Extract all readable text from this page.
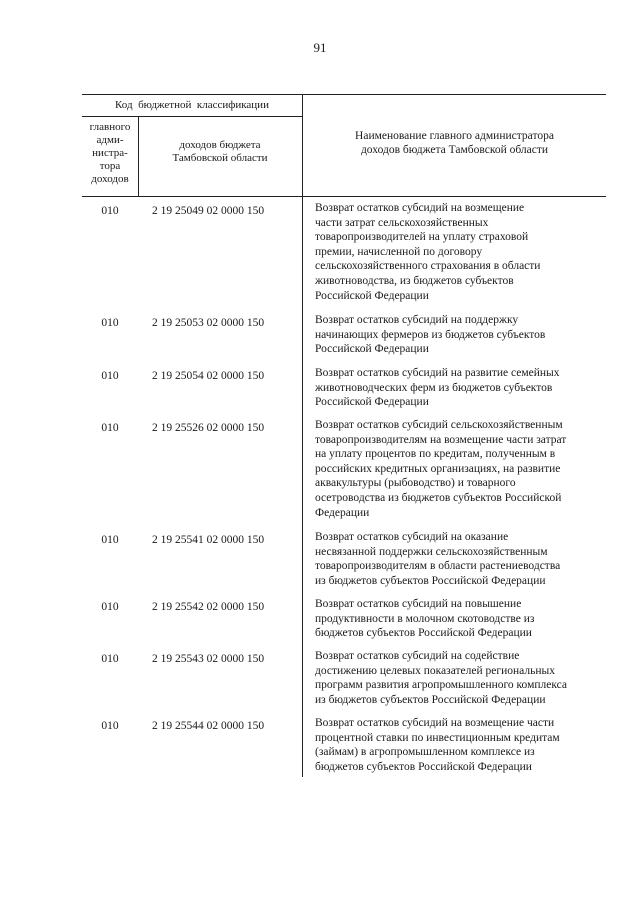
91
Код  бюджетной  классификации
главного
адми-
нистра-
тора
доходов
доходов бюджета
Тамбовской области
Наименование главного администратора
доходов бюджета Тамбовской области
010	2 19 25049 02 0000 150	Возврат остатков субсидий на возмещение
части затрат сельскохозяйственных
товаропроизводителей на уплату страховой
премии, начисленной по договору
сельскохозяйственного страхования в области
животноводства, из бюджетов субъектов
Российской Федерации
010	2 19 25053 02 0000 150	Возврат остатков субсидий на поддержку
начинающих фермеров из бюджетов субъектов
Российской Федерации
010	2 19 25054 02 0000 150	Возврат остатков субсидий на развитие семейных
животноводческих ферм из бюджетов субъектов
Российской Федерации
010	2 19 25526 02 0000 150	Возврат остатков субсидий сельскохозяйственным
товаропроизводителям на возмещение части затрат
на уплату процентов по кредитам, полученным в
российских кредитных организациях, на развитие
аквакультуры (рыбоводство) и товарного
осетроводства из бюджетов субъектов Российской
Федерации
010	2 19 25541 02 0000 150	Возврат остатков субсидий на оказание
несвязанной поддержки сельскохозяйственным
товаропроизводителям в области растениеводства
из бюджетов субъектов Российской Федерации
010	2 19 25542 02 0000 150	Возврат остатков субсидий на повышение
продуктивности в молочном скотоводстве из
бюджетов субъектов Российской Федерации
010	2 19 25543 02 0000 150	Возврат остатков субсидий на содействие
достижению целевых показателей региональных
программ развития агропромышленного комплекса
из бюджетов субъектов Российской Федерации
010	2 19 25544 02 0000 150	Возврат остатков субсидий на возмещение части
процентной ставки по инвестиционным кредитам
(займам) в агропромышленном комплексе из
бюджетов субъектов Российской Федерации
